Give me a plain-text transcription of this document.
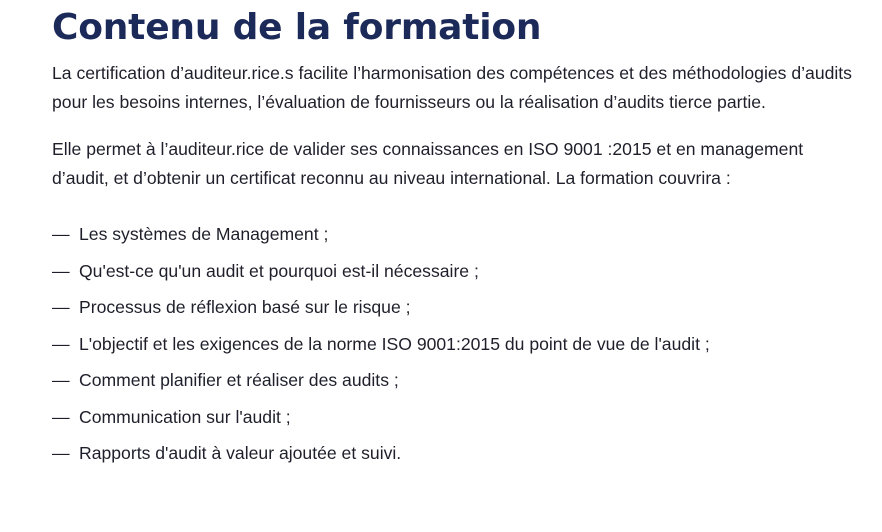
Contenu de la formation

La certification d’auditeur.rice.s facilite l’harmonisation des compétences et des méthodologies d’audits pour les besoins internes, l’évaluation de fournisseurs ou la réalisation d’audits tierce partie.

Elle permet à l’auditeur.rice de valider ses connaissances en ISO 9001 :2015 et en management d’audit, et d’obtenir un certificat reconnu au niveau international. La formation couvrira :

— Les systèmes de Management ;
— Qu'est-ce qu'un audit et pourquoi est-il nécessaire ;
— Processus de réflexion basé sur le risque ;
— L'objectif et les exigences de la norme ISO 9001:2015 du point de vue de l'audit ;
— Comment planifier et réaliser des audits ;
— Communication sur l'audit ;
— Rapports d'audit à valeur ajoutée et suivi.
